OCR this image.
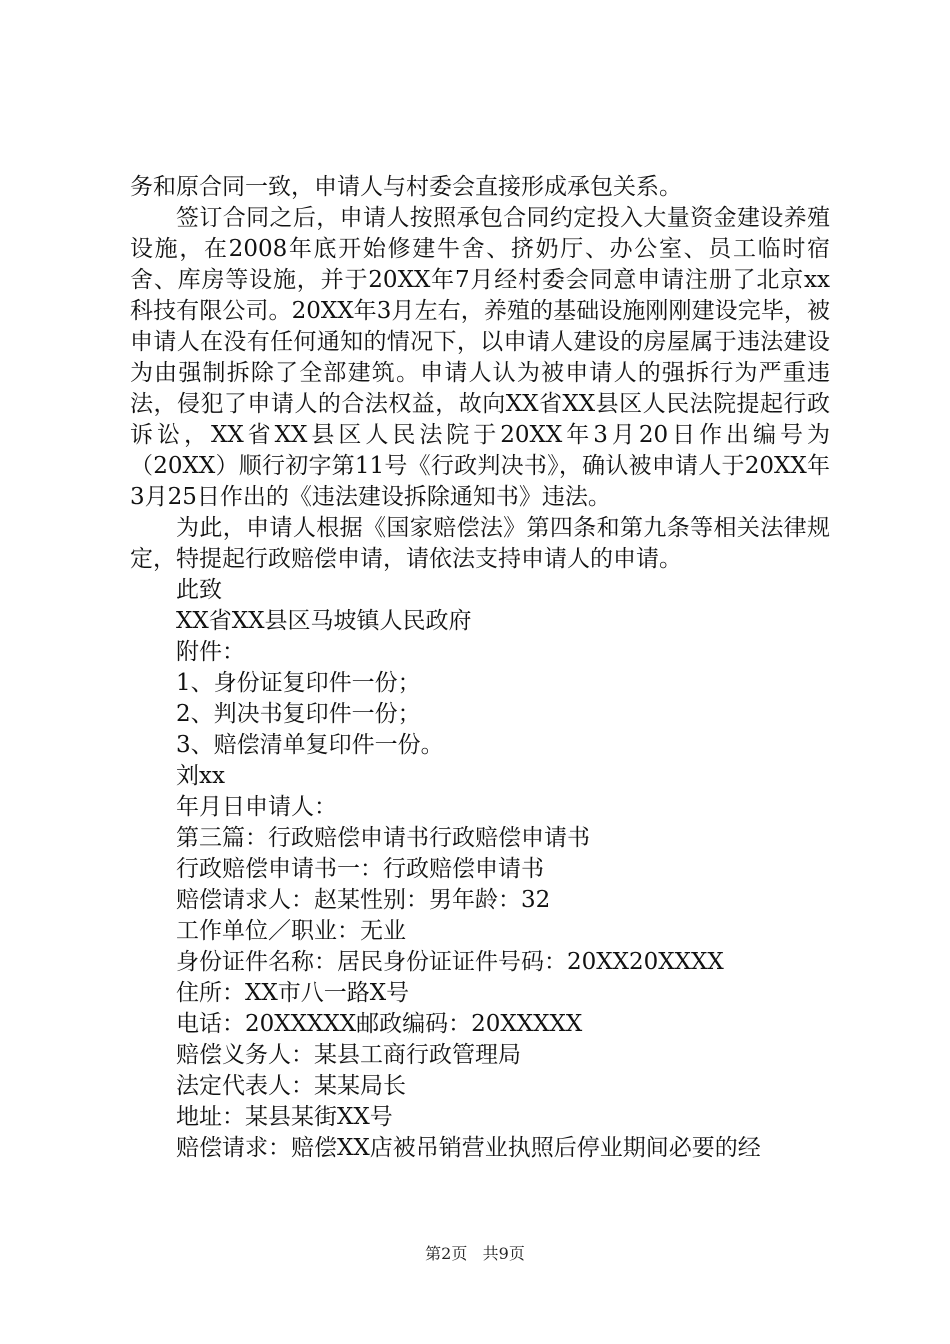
务和原合同一致，申请人与村委会直接形成承包关系。

签订合同之后，申请人按照承包合同约定投入大量资金建设养殖设施，在2008年底开始修建牛舍、挤奶厅、办公室、员工临时宿舍、库房等设施，并于20XX年7月经村委会同意申请注册了北京xx科技有限公司。20XX年3月左右，养殖的基础设施刚刚建设完毕，被申请人在没有任何通知的情况下，以申请人建设的房屋属于违法建设为由强制拆除了全部建筑。申请人认为被申请人的强拆行为严重违法，侵犯了申请人的合法权益，故向XX省XX县区人民法院提起行政诉讼，XX省XX县区人民法院于20XX年3月20日作出编号为（20XX）顺行初字第11号《行政判决书》，确认被申请人于20XX年3月25日作出的《违法建设拆除通知书》违法。

为此，申请人根据《国家赔偿法》第四条和第九条等相关法律规定，特提起行政赔偿申请，请依法支持申请人的申请。

此致

XX省XX县区马坡镇人民政府

附件：

1、身份证复印件一份；

2、判决书复印件一份；

3、赔偿清单复印件一份。

刘xx

年月日申请人：

第三篇：行政赔偿申请书行政赔偿申请书

行政赔偿申请书一：行政赔偿申请书

赔偿请求人：赵某性别：男年龄：32

工作单位／职业：无业

身份证件名称：居民身份证证件号码：20XX20XXXX

住所：XX市八一路X号

电话：20XXXXX邮政编码：20XXXXX

赔偿义务人：某县工商行政管理局

法定代表人：某某局长

地址：某县某街XX号

赔偿请求：赔偿XX店被吊销营业执照后停业期间必要的经

第2页 共9页
